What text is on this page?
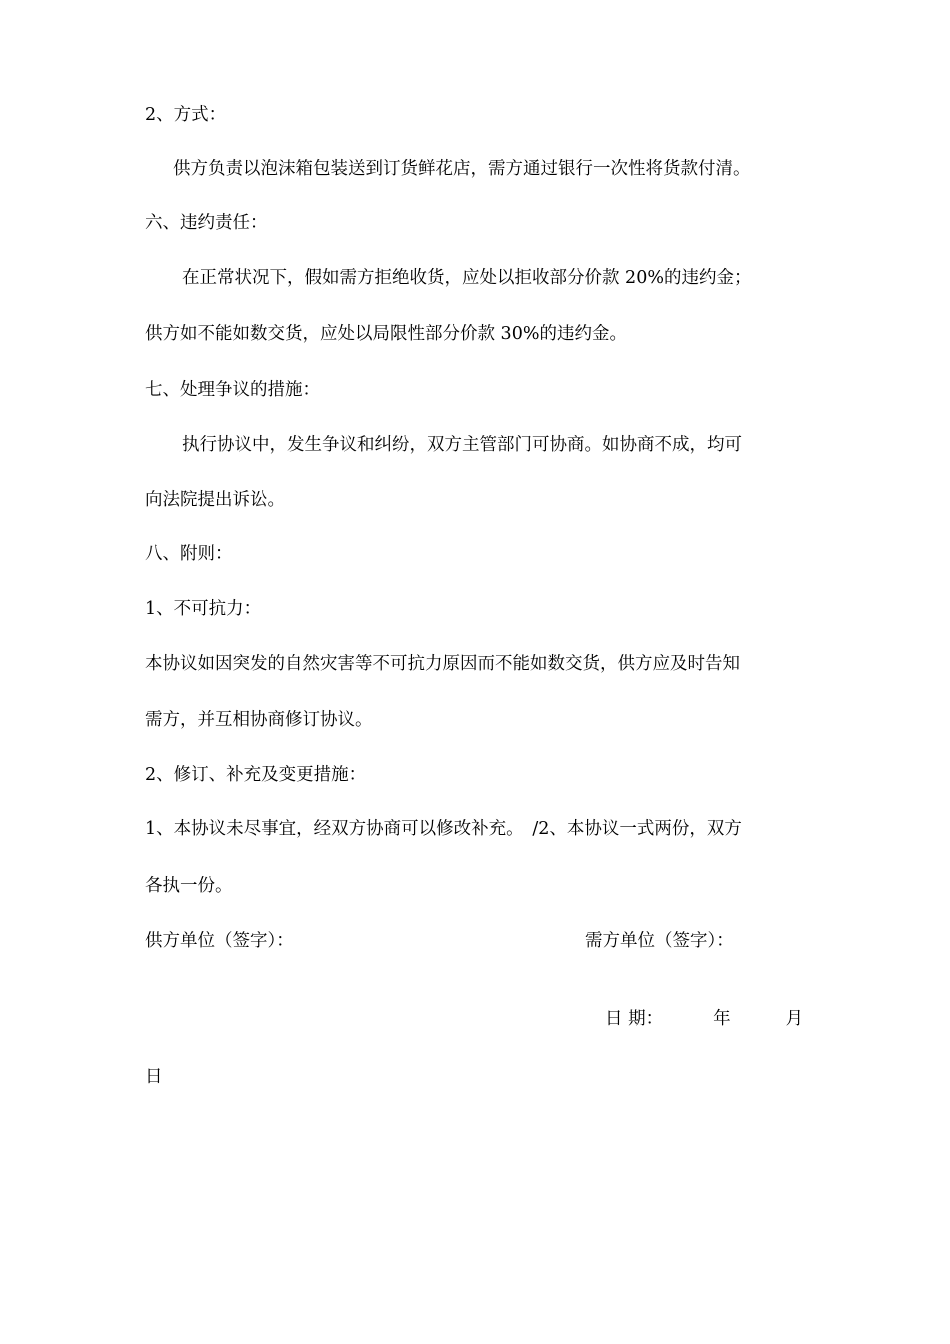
2、方式：
供方负责以泡沫箱包装送到订货鲜花店，需方通过银行一次性将货款付清。
六、违约责任：
在正常状况下，假如需方拒绝收货，应处以拒收部分价款 20%的违约金；
供方如不能如数交货，应处以局限性部分价款 30%的违约金。
七、处理争议的措施：
执行协议中，发生争议和纠纷，双方主管部门可协商。如协商不成，均可
向法院提出诉讼。
八、附则：
1、不可抗力：
本协议如因突发的自然灾害等不可抗力原因而不能如数交货，供方应及时告知
需方，并互相协商修订协议。
2、修订、补充及变更措施：
1、本协议未尽事宜，经双方协商可以修改补充。　/2、本协议一式两份，双方
各执一份。
供方单位（签字）：	需方单位（签字）：
日 期：	年	月
日
